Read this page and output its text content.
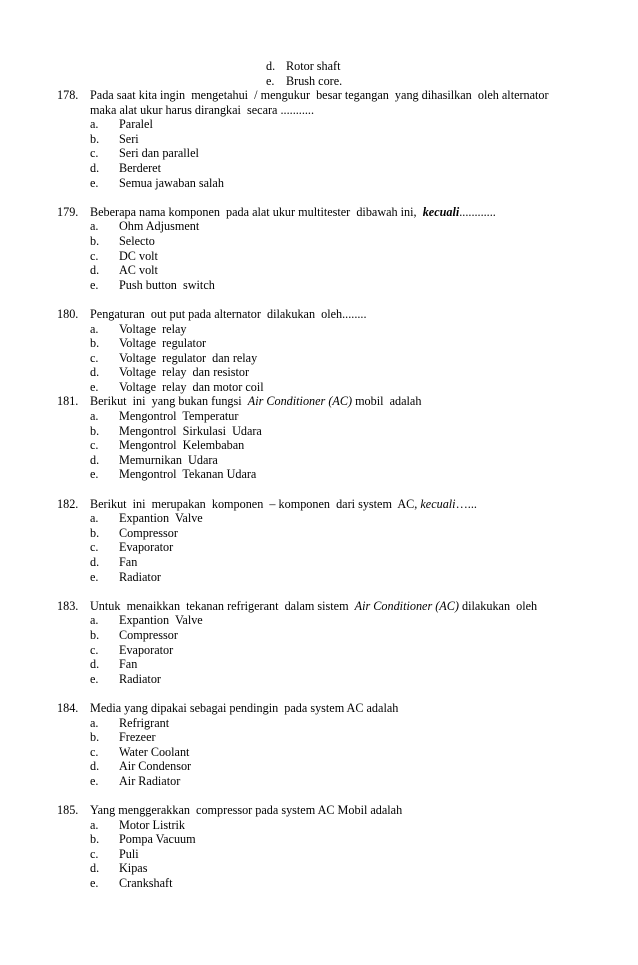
d. Rotor shaft
e. Brush core.
178. Pada saat kita ingin  mengetahui  / mengukur  besar tegangan  yang dihasilkan  oleh alternator
maka alat ukur harus dirangkai  secara ...........
a. Paralel
b. Seri
c. Seri dan parallel
d. Berderet
e. Semua jawaban salah
179. Beberapa nama komponen  pada alat ukur multitester  dibawah ini,  kecuali............
a. Ohm Adjusment
b. Selecto
c. DC volt
d. AC volt
e. Push button  switch
180. Pengaturan  out put pada alternator  dilakukan  oleh........
a. Voltage  relay
b. Voltage  regulator
c. Voltage  regulator  dan relay
d. Voltage  relay  dan resistor
e. Voltage  relay  dan motor coil
181. Berikut  ini  yang bukan fungsi  Air Conditioner (AC) mobil  adalah
a. Mengontrol  Temperatur
b. Mengontrol  Sirkulasi  Udara
c. Mengontrol  Kelembaban
d. Memurnikan  Udara
e. Mengontrol  Tekanan Udara
182. Berikut  ini  merupakan  komponen  – komponen  dari system  AC, kecuali…...
a. Expantion  Valve
b. Compressor
c. Evaporator
d. Fan
e. Radiator
183. Untuk  menaikkan  tekanan refrigerant  dalam sistem  Air Conditioner (AC) dilakukan  oleh
a. Expantion  Valve
b. Compressor
c. Evaporator
d. Fan
e. Radiator
184. Media yang dipakai sebagai pendingin  pada system AC adalah
a. Refrigrant
b. Frezeer
c. Water Coolant
d. Air Condensor
e. Air Radiator
185. Yang menggerakkan  compressor pada system AC Mobil adalah
a. Motor Listrik
b. Pompa Vacuum
c. Puli
d. Kipas
e. Crankshaft
